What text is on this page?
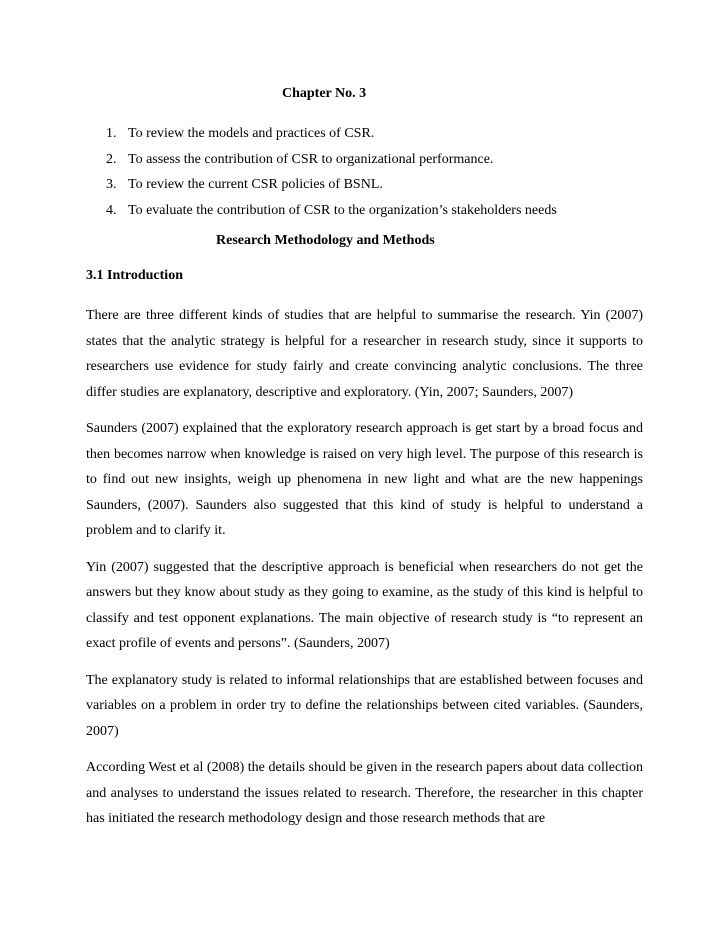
Chapter No. 3
1. To review the models and practices of CSR.
2. To assess the contribution of CSR to organizational performance.
3. To review the current CSR policies of BSNL.
4. To evaluate the contribution of CSR to the organization’s stakeholders needs
Research Methodology and Methods
3.1 Introduction

There are three different kinds of studies that are helpful to summarise the research. Yin (2007) states that the analytic strategy is helpful for a researcher in research study, since it supports to researchers use evidence for study fairly and create convincing analytic conclusions. The three differ studies are explanatory, descriptive and exploratory. (Yin, 2007; Saunders, 2007)

Saunders (2007) explained that the exploratory research approach is get start by a broad focus and then becomes narrow when knowledge is raised on very high level. The purpose of this research is to find out new insights, weigh up phenomena in new light and what are the new happenings Saunders, (2007). Saunders also suggested that this kind of study is helpful to understand a problem and to clarify it.

Yin (2007) suggested that the descriptive approach is beneficial when researchers do not get the answers but they know about study as they going to examine, as the study of this kind is helpful to classify and test opponent explanations. The main objective of research study is “to represent an exact profile of events and persons”. (Saunders, 2007)

The explanatory study is related to informal relationships that are established between focuses and variables on a problem in order try to define the relationships between cited variables. (Saunders, 2007)

According West et al (2008) the details should be given in the research papers about data collection and analyses to understand the issues related to research. Therefore, the researcher in this chapter has initiated the research methodology design and those research methods that are
